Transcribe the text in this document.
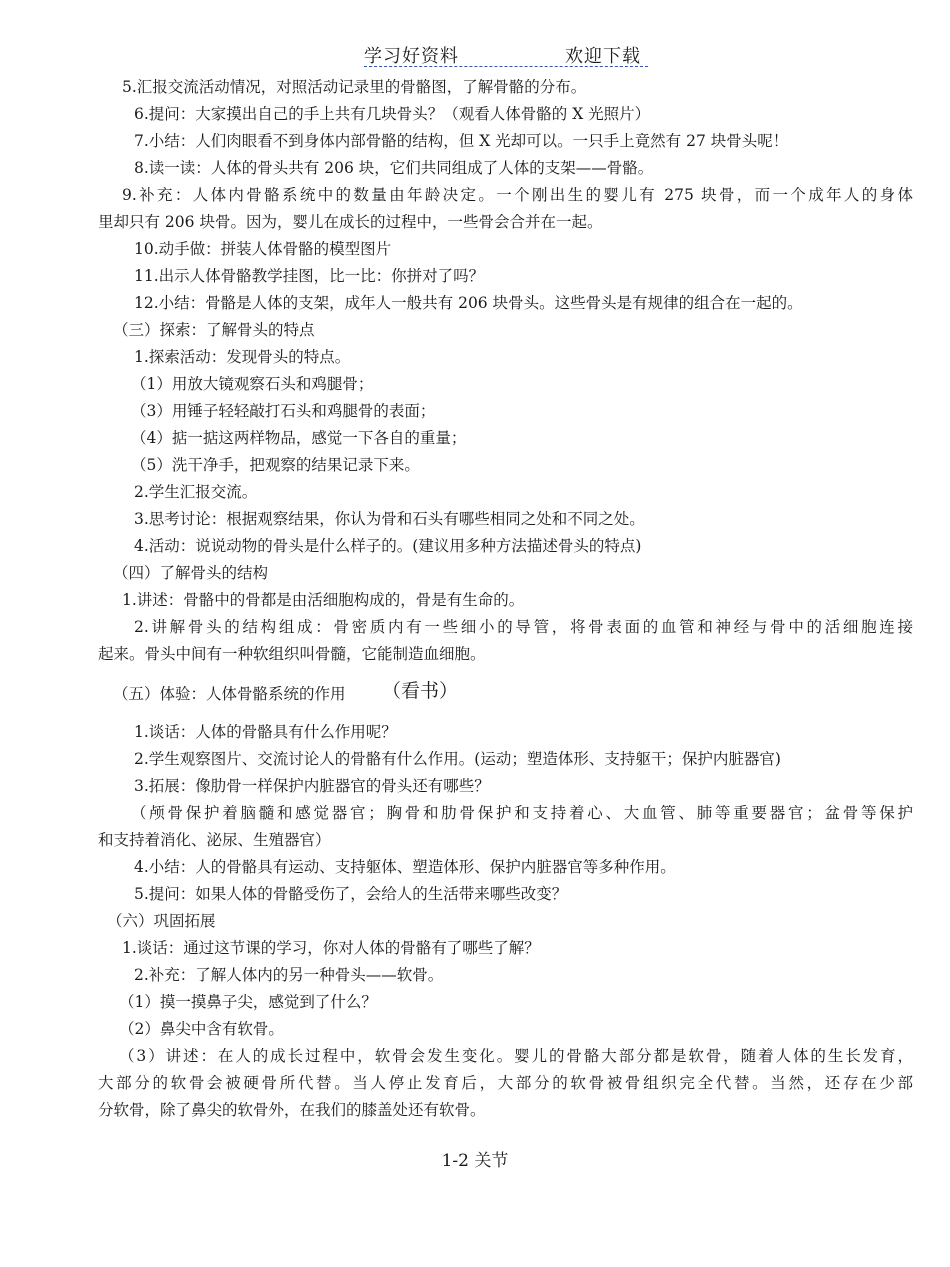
学习好资料	欢迎下载
5.汇报交流活动情况，对照活动记录里的骨骼图，了解骨骼的分布。
6.提问：大家摸出自己的手上共有几块骨头？（观看人体骨骼的 X 光照片）
7.小结：人们肉眼看不到身体内部骨骼的结构，但 X 光却可以。一只手上竟然有 27 块骨头呢！
8.读一读：人体的骨头共有 206 块，它们共同组成了人体的支架——骨骼。
9.补充：人体内骨骼系统中的数量由年龄决定。一个刚出生的婴儿有 275 块骨，而一个成年人的身体
里却只有 206 块骨。因为，婴儿在成长的过程中，一些骨会合并在一起。
10.动手做：拼装人体骨骼的模型图片
11.出示人体骨骼教学挂图，比一比：你拼对了吗？
12.小结：骨骼是人体的支架，成年人一般共有 206 块骨头。这些骨头是有规律的组合在一起的。
（三）探索：了解骨头的特点
1.探索活动：发现骨头的特点。
（1）用放大镜观察石头和鸡腿骨；
（3）用锤子轻轻敲打石头和鸡腿骨的表面；
（4）掂一掂这两样物品，感觉一下各自的重量；
（5）洗干净手，把观察的结果记录下来。
2.学生汇报交流。
3.思考讨论：根据观察结果，你认为骨和石头有哪些相同之处和不同之处。
4.活动：说说动物的骨头是什么样子的。(建议用多种方法描述骨头的特点)
（四）了解骨头的结构
1.讲述：骨骼中的骨都是由活细胞构成的，骨是有生命的。
2.讲解骨头的结构组成：骨密质内有一些细小的导管，将骨表面的血管和神经与骨中的活细胞连接
起来。骨头中间有一种软组织叫骨髓，它能制造血细胞。
（五）体验：人体骨骼系统的作用 （看书）
1.谈话：人体的骨骼具有什么作用呢？
2.学生观察图片、交流讨论人的骨骼有什么作用。(运动；塑造体形、支持躯干；保护内脏器官)
3.拓展：像肋骨一样保护内脏器官的骨头还有哪些？
（颅骨保护着脑髓和感觉器官；胸骨和肋骨保护和支持着心、大血管、肺等重要器官；盆骨等保护
和支持着消化、泌尿、生殖器官）
4.小结：人的骨骼具有运动、支持躯体、塑造体形、保护内脏器官等多种作用。
5.提问：如果人体的骨骼受伤了，会给人的生活带来哪些改变？
（六）巩固拓展
1.谈话：通过这节课的学习，你对人体的骨骼有了哪些了解？
2.补充：了解人体内的另一种骨头——软骨。
（1）摸一摸鼻子尖，感觉到了什么？
（2）鼻尖中含有软骨。
（3）讲述：在人的成长过程中，软骨会发生变化。婴儿的骨骼大部分都是软骨，随着人体的生长发育，
大部分的软骨会被硬骨所代替。当人停止发育后，大部分的软骨被骨组织完全代替。当然，还存在少部
分软骨，除了鼻尖的软骨外，在我们的膝盖处还有软骨。
1-2 关节
